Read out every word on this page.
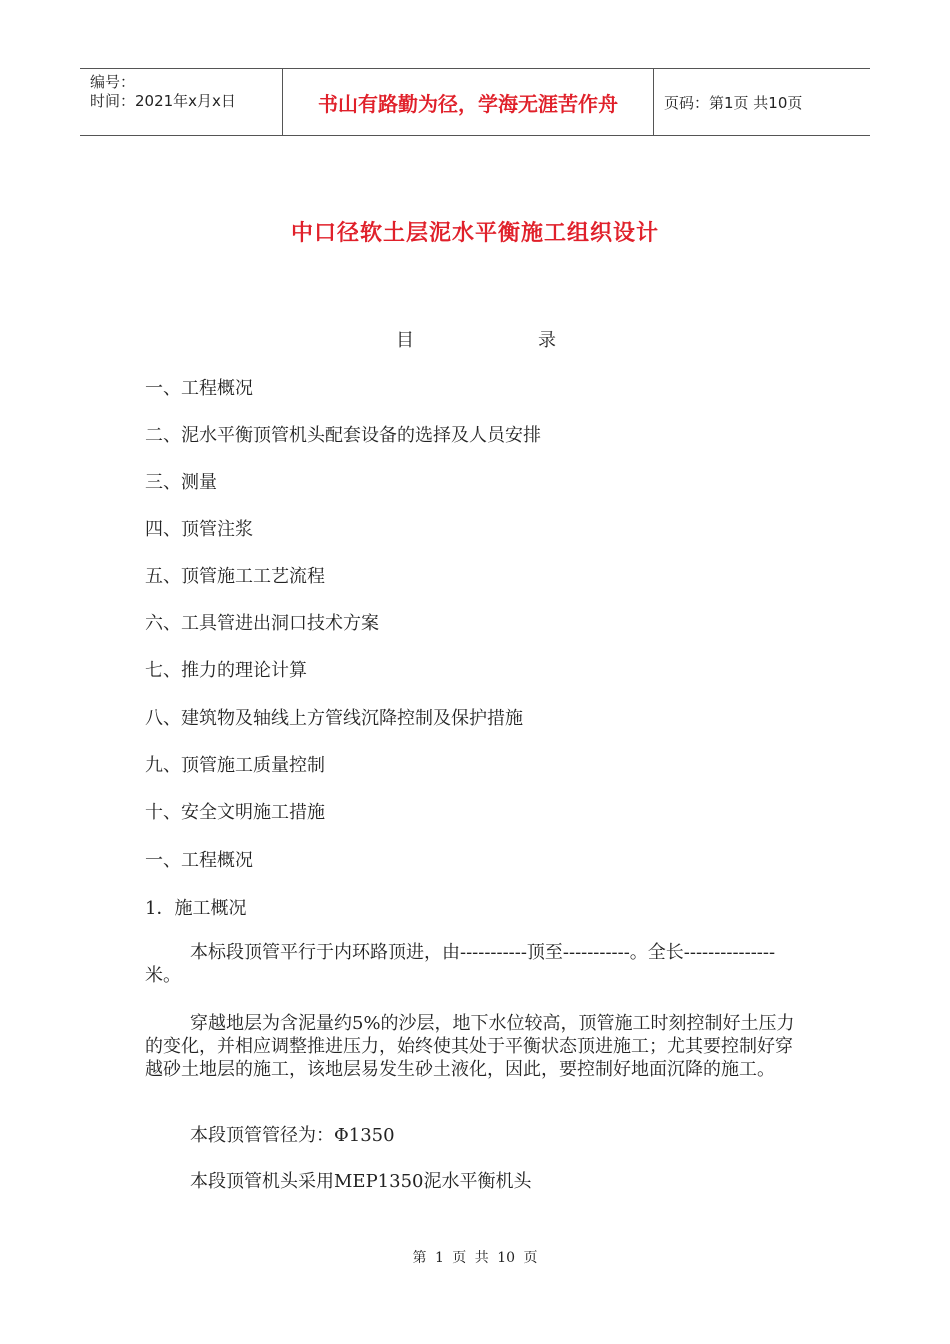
编号：
时间：2021年x月x日	书山有路勤为径，学海无涯苦作舟	页码：第1页 共10页
中口径软土层泥水平衡施工组织设计
目	录
一、工程概况
二、泥水平衡顶管机头配套设备的选择及人员安排
三、测量
四、顶管注浆
五、顶管施工工艺流程
六、工具管进出洞口技术方案
七、推力的理论计算
八、建筑物及轴线上方管线沉降控制及保护措施
九、顶管施工质量控制
十、安全文明施工措施
一、工程概况
1．施工概况
本标段顶管平行于内环路顶进，由-----------顶至-----------。全长---------------米。
穿越地层为含泥量约5%的沙层，地下水位较高，顶管施工时刻控制好土压力的变化，并相应调整推进压力，始终使其处于平衡状态顶进施工；尤其要控制好穿越砂土地层的施工，该地层易发生砂土液化，因此，要控制好地面沉降的施工。
本段顶管管径为：Φ1350
本段顶管机头采用MEP1350泥水平衡机头
第 1 页 共 10 页
